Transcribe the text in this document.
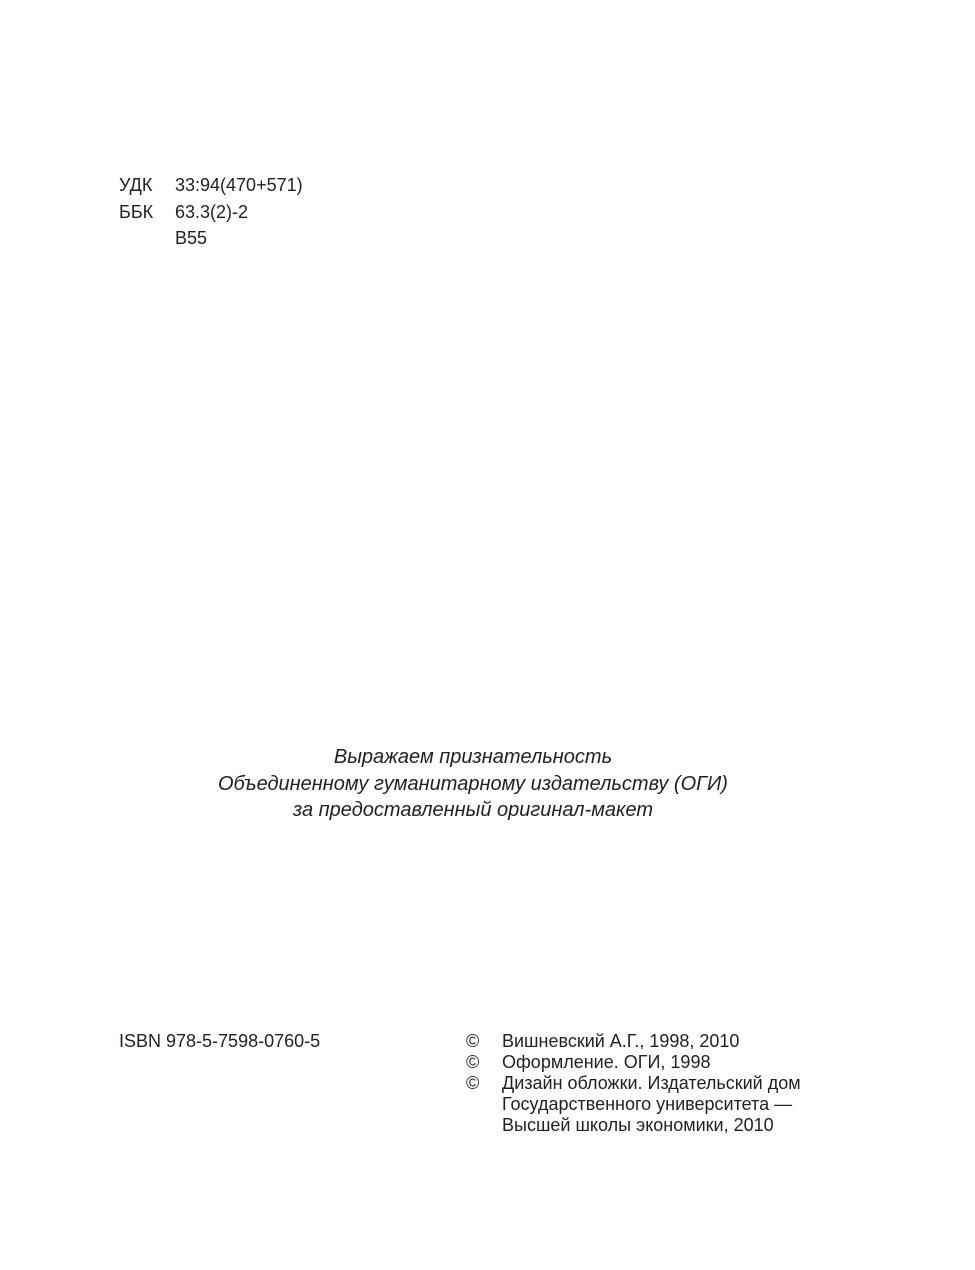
УДК	33:94(470+571)
ББК	63.3(2)-2
В55
Выражаем признательность
Объединенному гуманитарному издательству (ОГИ)
за предоставленный оригинал-макет
ISBN 978-5-7598-0760-5	©	Вишневский А.Г., 1998, 2010
©	Оформление. ОГИ, 1998
©	Дизайн обложки. Издательский дом
Государственного университета —
Высшей школы экономики, 2010
